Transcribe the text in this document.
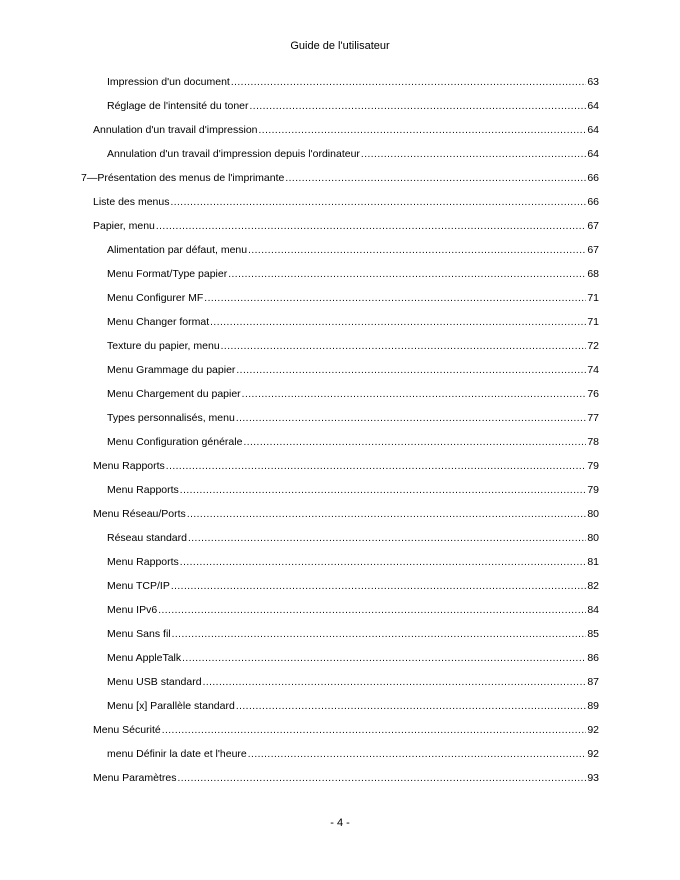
Guide de l'utilisateur
Impression d'un document .....	63
Réglage de l'intensité du toner .....	64
Annulation d'un travail d'impression .....	64
Annulation d'un travail d'impression depuis l'ordinateur .....	64
7—Présentation des menus de l'imprimante .....	66
Liste des menus .....	66
Papier, menu .....	67
Alimentation par défaut, menu .....	67
Menu Format/Type papier .....	68
Menu Configurer MF .....	71
Menu Changer format .....	71
Texture du papier, menu .....	72
Menu Grammage du papier .....	74
Menu Chargement du papier .....	76
Types personnalisés, menu .....	77
Menu Configuration générale .....	78
Menu Rapports .....	79
Menu Rapports .....	79
Menu Réseau/Ports .....	80
Réseau standard .....	80
Menu Rapports .....	81
Menu TCP/IP .....	82
Menu IPv6 .....	84
Menu Sans fil .....	85
Menu AppleTalk .....	86
Menu USB standard .....	87
Menu [x] Parallèle standard .....	89
Menu Sécurité .....	92
menu Définir la date et l'heure .....	92
Menu Paramètres .....	93
- 4 -
